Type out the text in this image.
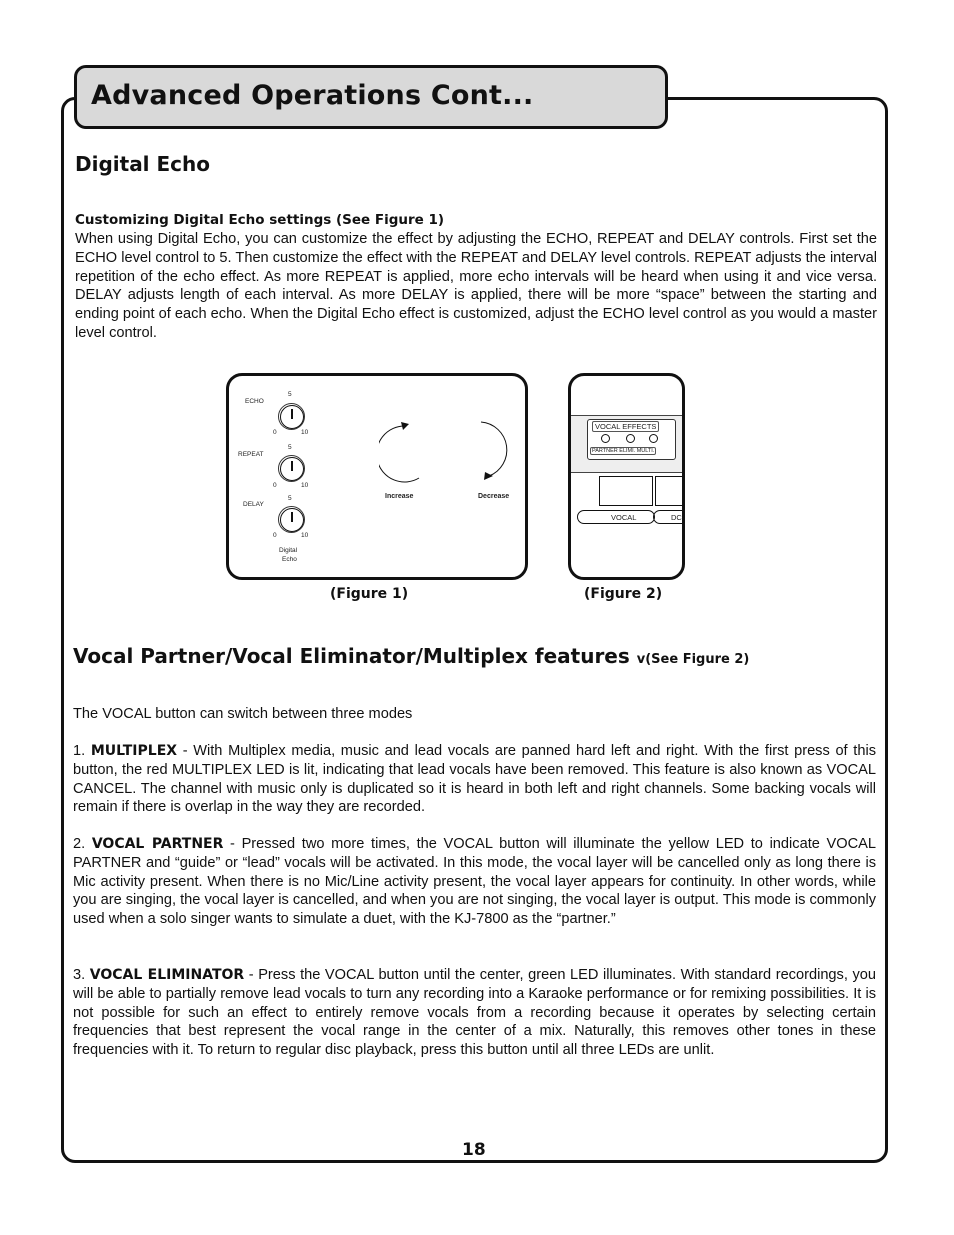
Advanced Operations Cont...
Digital Echo
Customizing Digital Echo settings (See Figure 1)
When using Digital Echo, you can customize the effect by adjusting the ECHO, REPEAT and DELAY controls. First set the ECHO level control to 5. Then customize the effect with the REPEAT and DELAY level controls. REPEAT adjusts the interval repetition of the echo effect. As more REPEAT is applied, more echo intervals will be heard when using it and vice versa. DELAY adjusts length of each interval. As more DELAY is applied, there will be more “space” between the starting and ending point of each echo. When the Digital Echo effect is customized, adjust the ECHO level control as you would a master level control.
ECHO
5
0	10
REPEAT
5
0	10
DELAY
5
0	10
Digital
Echo
Increase	Decrease
(Figure 1)
VOCAL EFFECTS
PARTNER ELIMI. MULTI.
VOCAL	DC
(Figure 2)
Vocal Partner/Vocal Eliminator/Multiplex features v(See Figure 2)
The VOCAL button can switch between three modes
1. MULTIPLEX - With Multiplex media, music and lead vocals are panned hard left and right. With the first press of this button, the red MULTIPLEX LED is lit, indicating that lead vocals have been removed. This feature is also known as VOCAL CANCEL. The channel with music only is duplicated so it is heard in both left and right channels. Some backing vocals will remain if there is overlap in the way they are recorded.
2. VOCAL PARTNER - Pressed two more times, the VOCAL button will illuminate the yellow LED to indicate VOCAL PARTNER and “guide” or “lead” vocals will be activated. In this mode, the vocal layer will be cancelled only as long there is Mic activity present. When there is no Mic/Line activity present, the vocal layer appears for continuity. In other words, while you are singing, the vocal layer is cancelled, and when you are not singing, the vocal layer is output. This mode is commonly used when a solo singer wants to simulate a duet, with the KJ-7800 as the “partner.”
3. VOCAL ELIMINATOR - Press the VOCAL button until the center, green LED illuminates. With standard recordings, you will be able to partially remove lead vocals to turn any recording into a Karaoke performance or for remixing possibilities. It is not possible for such an effect to entirely remove vocals from a recording because it operates by selecting certain frequencies that best represent the vocal range in the center of a mix. Naturally, this removes other tones in these frequencies with it. To return to regular disc playback, press this button until all three LEDs are unlit.
18
